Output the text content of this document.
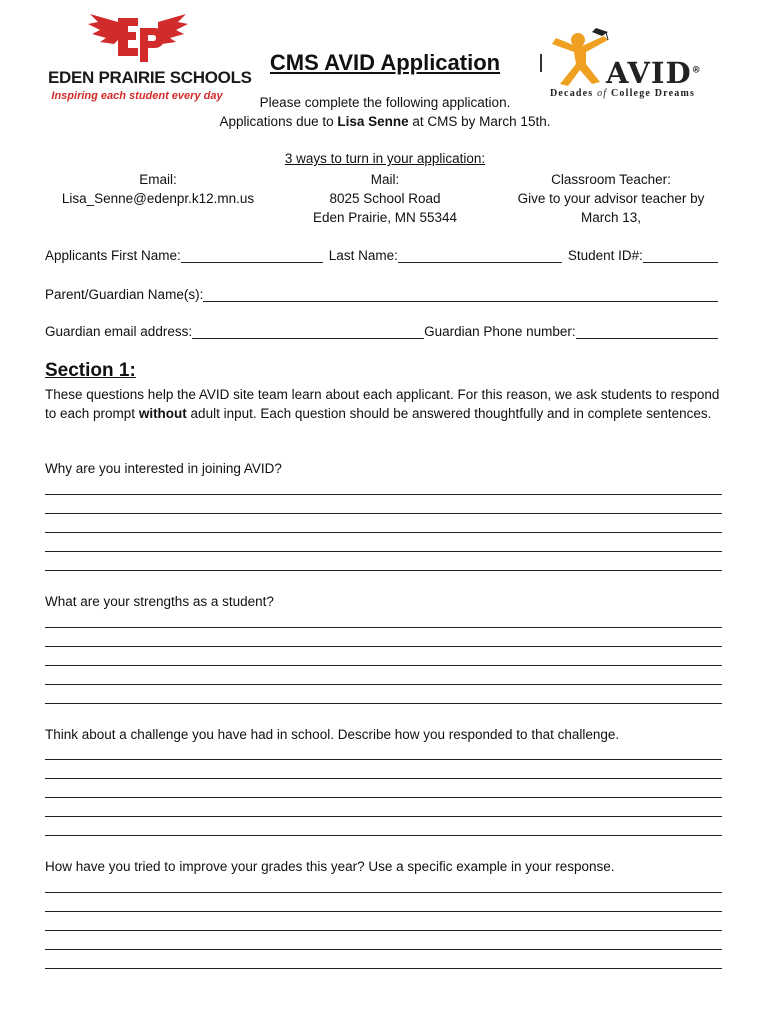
EDEN PRAIRIE SCHOOLS
Inspiring each student every day
AVID®
Decades of College Dreams
CMS AVID Application
Please complete the following application.
Applications due to Lisa Senne at CMS by March 15th.
3 ways to turn in your application:
Email:
Lisa_Senne@edenpr.k12.mn.us
Mail:
8025 School Road
Eden Prairie, MN 55344
Classroom Teacher:
Give to your advisor teacher by
March 13,
Applicants First Name:	Last Name:	Student ID#:
Parent/Guardian Name(s):
Guardian email address:	Guardian Phone number:
Section 1:
These questions help the AVID site team learn about each applicant. For this reason, we ask students to respond to each prompt without adult input. Each question should be answered thoughtfully and in complete sentences.
Why are you interested in joining AVID?
What are your strengths as a student?
Think about a challenge you have had in school. Describe how you responded to that challenge.
How have you tried to improve your grades this year? Use a specific example in your response.
